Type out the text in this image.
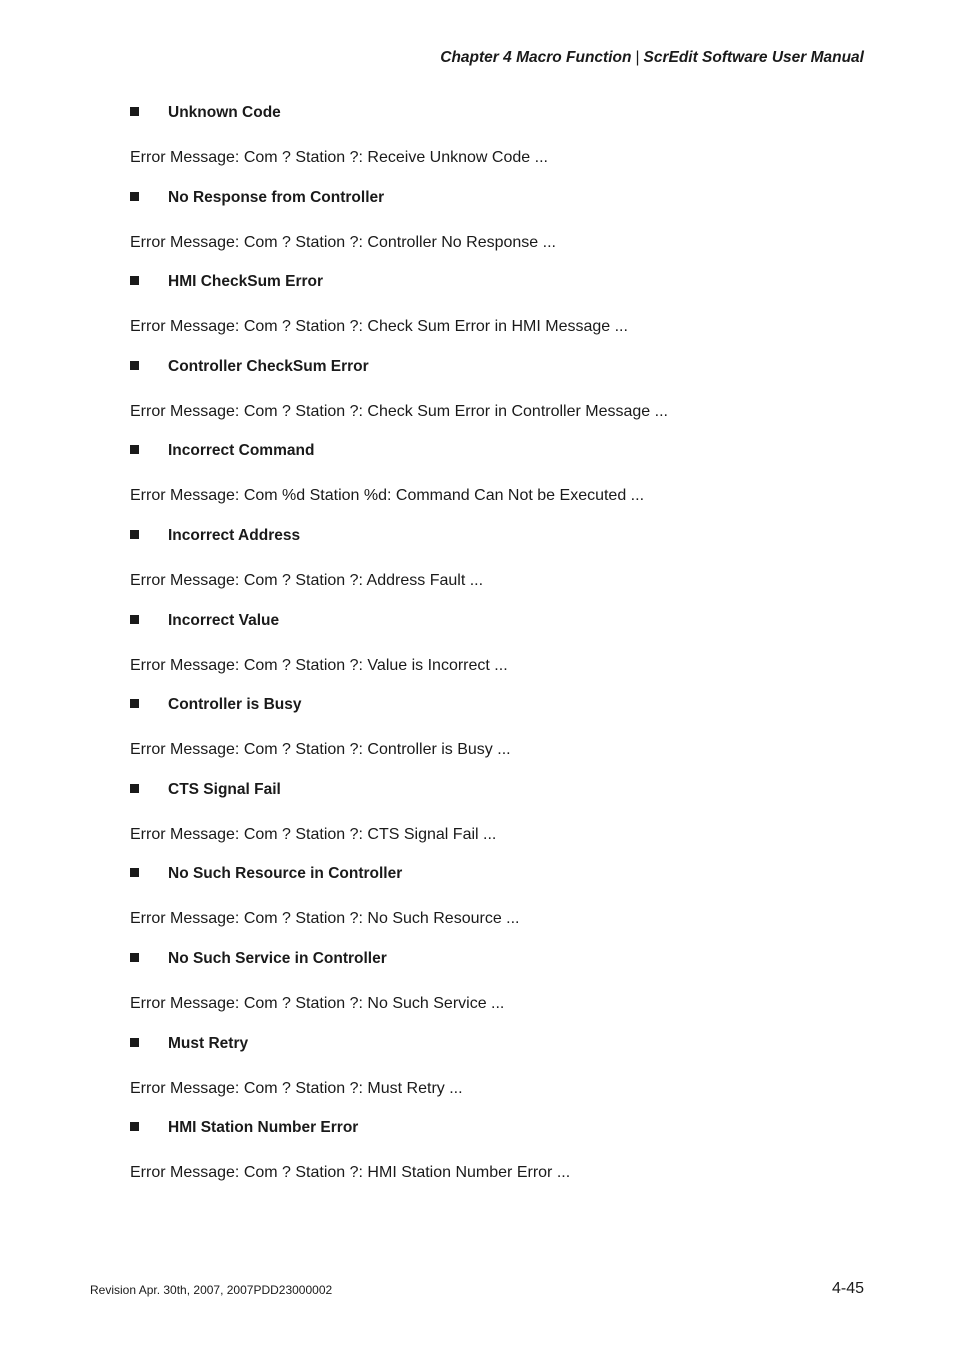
Chapter 4 Macro Function | ScrEdit Software User Manual
Unknown Code
Error Message: Com ? Station ?: Receive Unknow Code ...
No Response from Controller
Error Message: Com ? Station ?: Controller No Response ...
HMI CheckSum Error
Error Message: Com ? Station ?: Check Sum Error in HMI Message ...
Controller CheckSum Error
Error Message: Com ? Station ?: Check Sum Error in Controller Message ...
Incorrect Command
Error Message: Com %d Station %d: Command Can Not be Executed ...
Incorrect Address
Error Message: Com ? Station ?: Address Fault ...
Incorrect Value
Error Message: Com ? Station ?: Value is Incorrect ...
Controller is Busy
Error Message: Com ? Station ?: Controller is Busy ...
CTS Signal Fail
Error Message: Com ? Station ?: CTS Signal Fail ...
No Such Resource in Controller
Error Message: Com ? Station ?: No Such Resource ...
No Such Service in Controller
Error Message: Com ? Station ?: No Such Service ...
Must Retry
Error Message: Com ? Station ?: Must Retry ...
HMI Station Number Error
Error Message: Com ? Station ?: HMI Station Number Error ...
Revision Apr. 30th, 2007, 2007PDD23000002	4-45
